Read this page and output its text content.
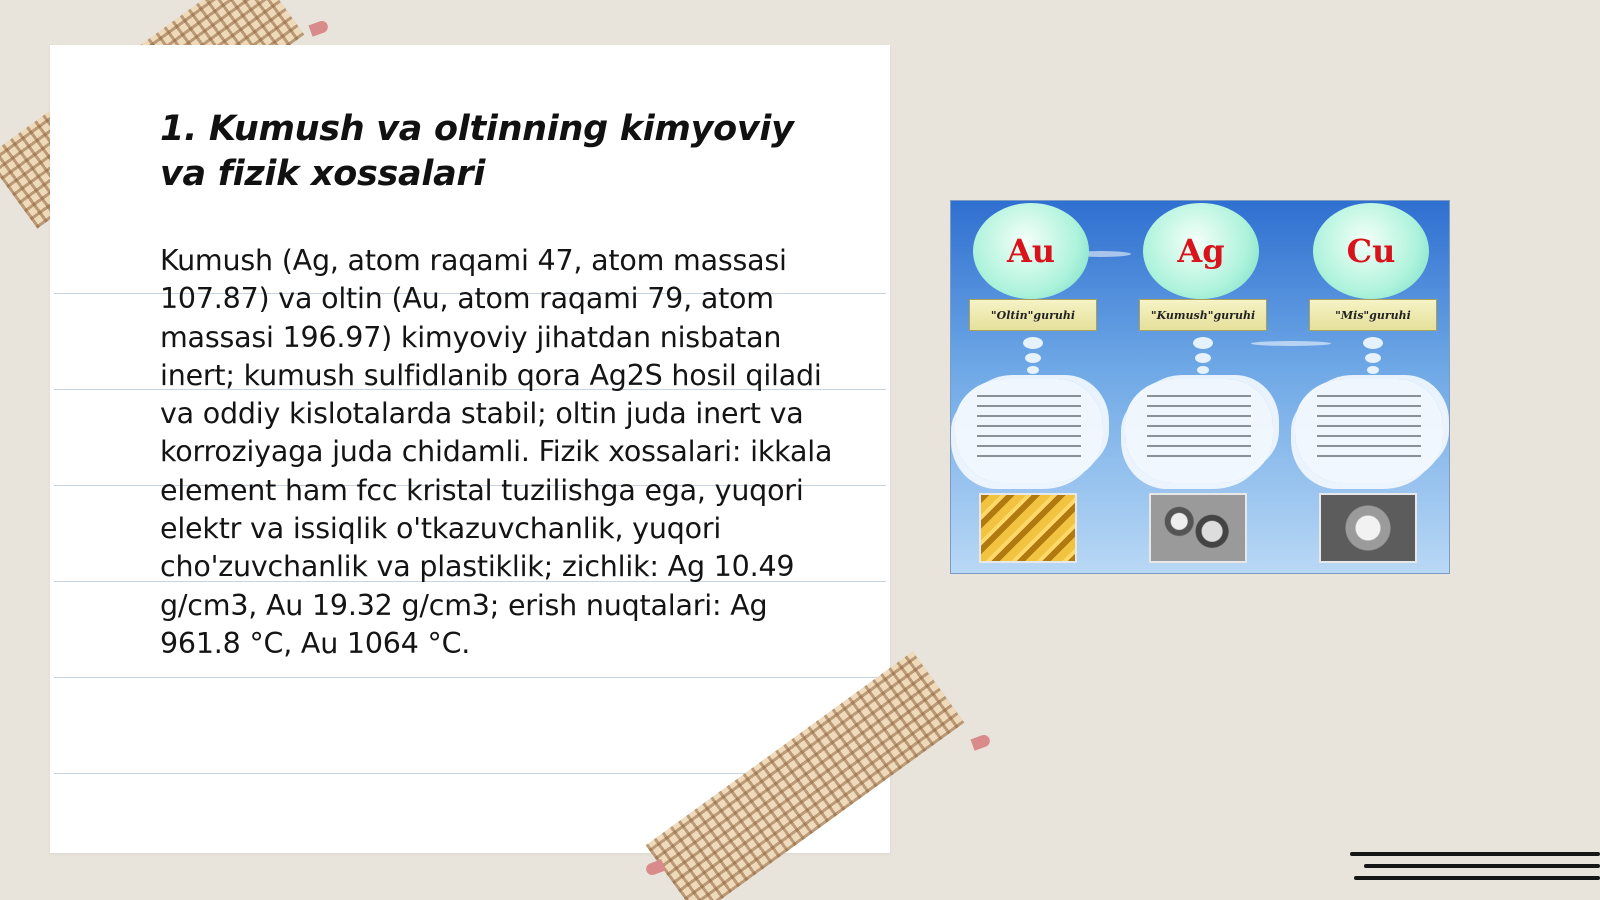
1. Kumush va oltinning kimyoviy va fizik xossalari

Kumush (Ag, atom raqami 47, atom massasi 107.87) va oltin (Au, atom raqami 79, atom massasi 196.97) kimyoviy jihatdan nisbatan inert; kumush sulfidlanib qora Ag2S hosil qiladi va oddiy kislotalarda stabil; oltin juda inert va korroziyaga juda chidamli. Fizik xossalari: ikkala element ham fcc kristal tuzilishga ega, yuqori elektr va issiqlik o'tkazuvchanlik, yuqori cho'zuvchanlik va plastiklik; zichlik: Ag 10.49 g/cm3, Au 19.32 g/cm3; erish nuqtalari: Ag 961.8 °C, Au 1064 °C.

Au
"Oltin"guruhi
Ag
"Kumush"guruhi
Cu
"Mis"guruhi
